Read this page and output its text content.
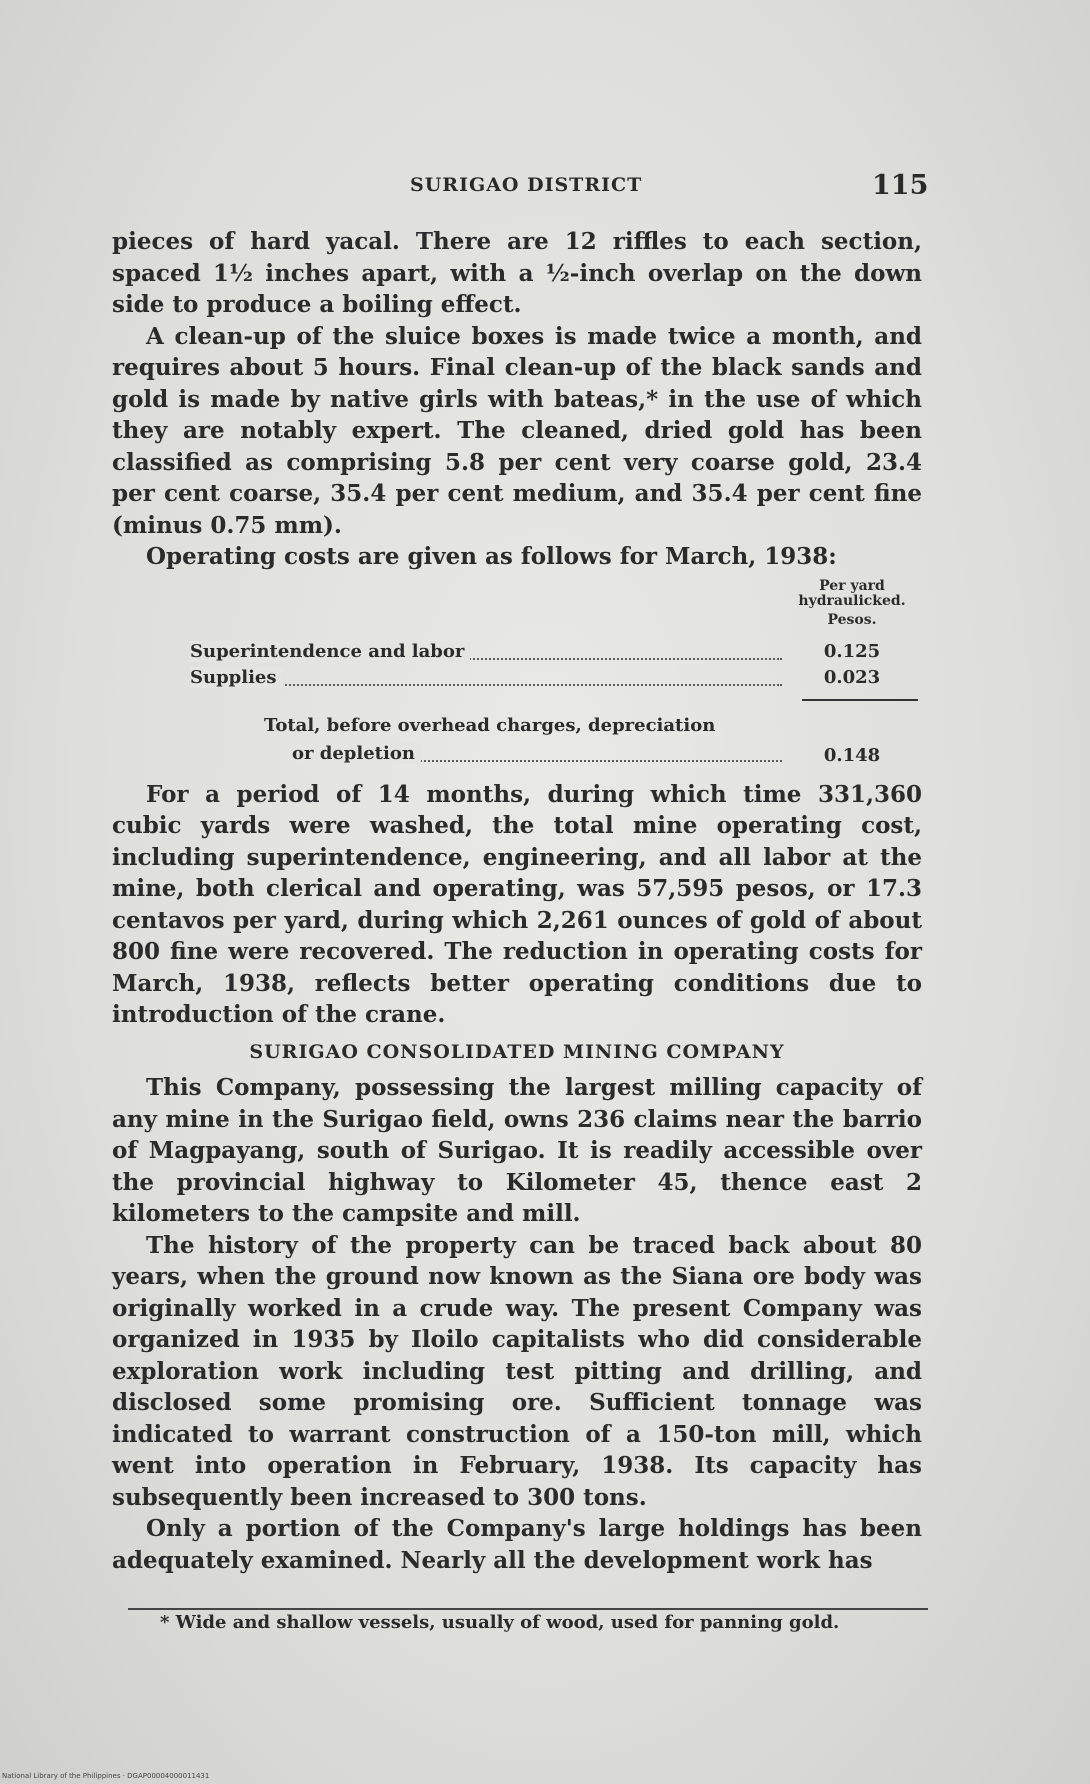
SURIGAO DISTRICT	115

pieces of hard yacal. There are 12 riffles to each section, spaced 1½ inches apart, with a ½-inch overlap on the down side to produce a boiling effect.

A clean-up of the sluice boxes is made twice a month, and requires about 5 hours. Final clean-up of the black sands and gold is made by native girls with bateas,* in the use of which they are notably expert. The cleaned, dried gold has been classified as comprising 5.8 per cent very coarse gold, 23.4 per cent coarse, 35.4 per cent medium, and 35.4 per cent fine (minus 0.75 mm).

Operating costs are given as follows for March, 1938:

Per yard hydraulicked.
Pesos.
Superintendence and labor	0.125
Supplies	0.023
Total, before overhead charges, depreciation
or depletion	0.148

For a period of 14 months, during which time 331,360 cubic yards were washed, the total mine operating cost, including superintendence, engineering, and all labor at the mine, both clerical and operating, was 57,595 pesos, or 17.3 centavos per yard, during which 2,261 ounces of gold of about 800 fine were recovered. The reduction in operating costs for March, 1938, reflects better operating conditions due to introduction of the crane.

SURIGAO CONSOLIDATED MINING COMPANY

This Company, possessing the largest milling capacity of any mine in the Surigao field, owns 236 claims near the barrio of Magpayang, south of Surigao. It is readily accessible over the provincial highway to Kilometer 45, thence east 2 kilometers to the campsite and mill.

The history of the property can be traced back about 80 years, when the ground now known as the Siana ore body was originally worked in a crude way. The present Company was organized in 1935 by Iloilo capitalists who did considerable exploration work including test pitting and drilling, and disclosed some promising ore. Sufficient tonnage was indicated to warrant construction of a 150-ton mill, which went into operation in February, 1938. Its capacity has subsequently been increased to 300 tons.

Only a portion of the Company's large holdings has been adequately examined. Nearly all the development work has

* Wide and shallow vessels, usually of wood, used for panning gold.
National Library of the Philippines · DGAP00004000011431
